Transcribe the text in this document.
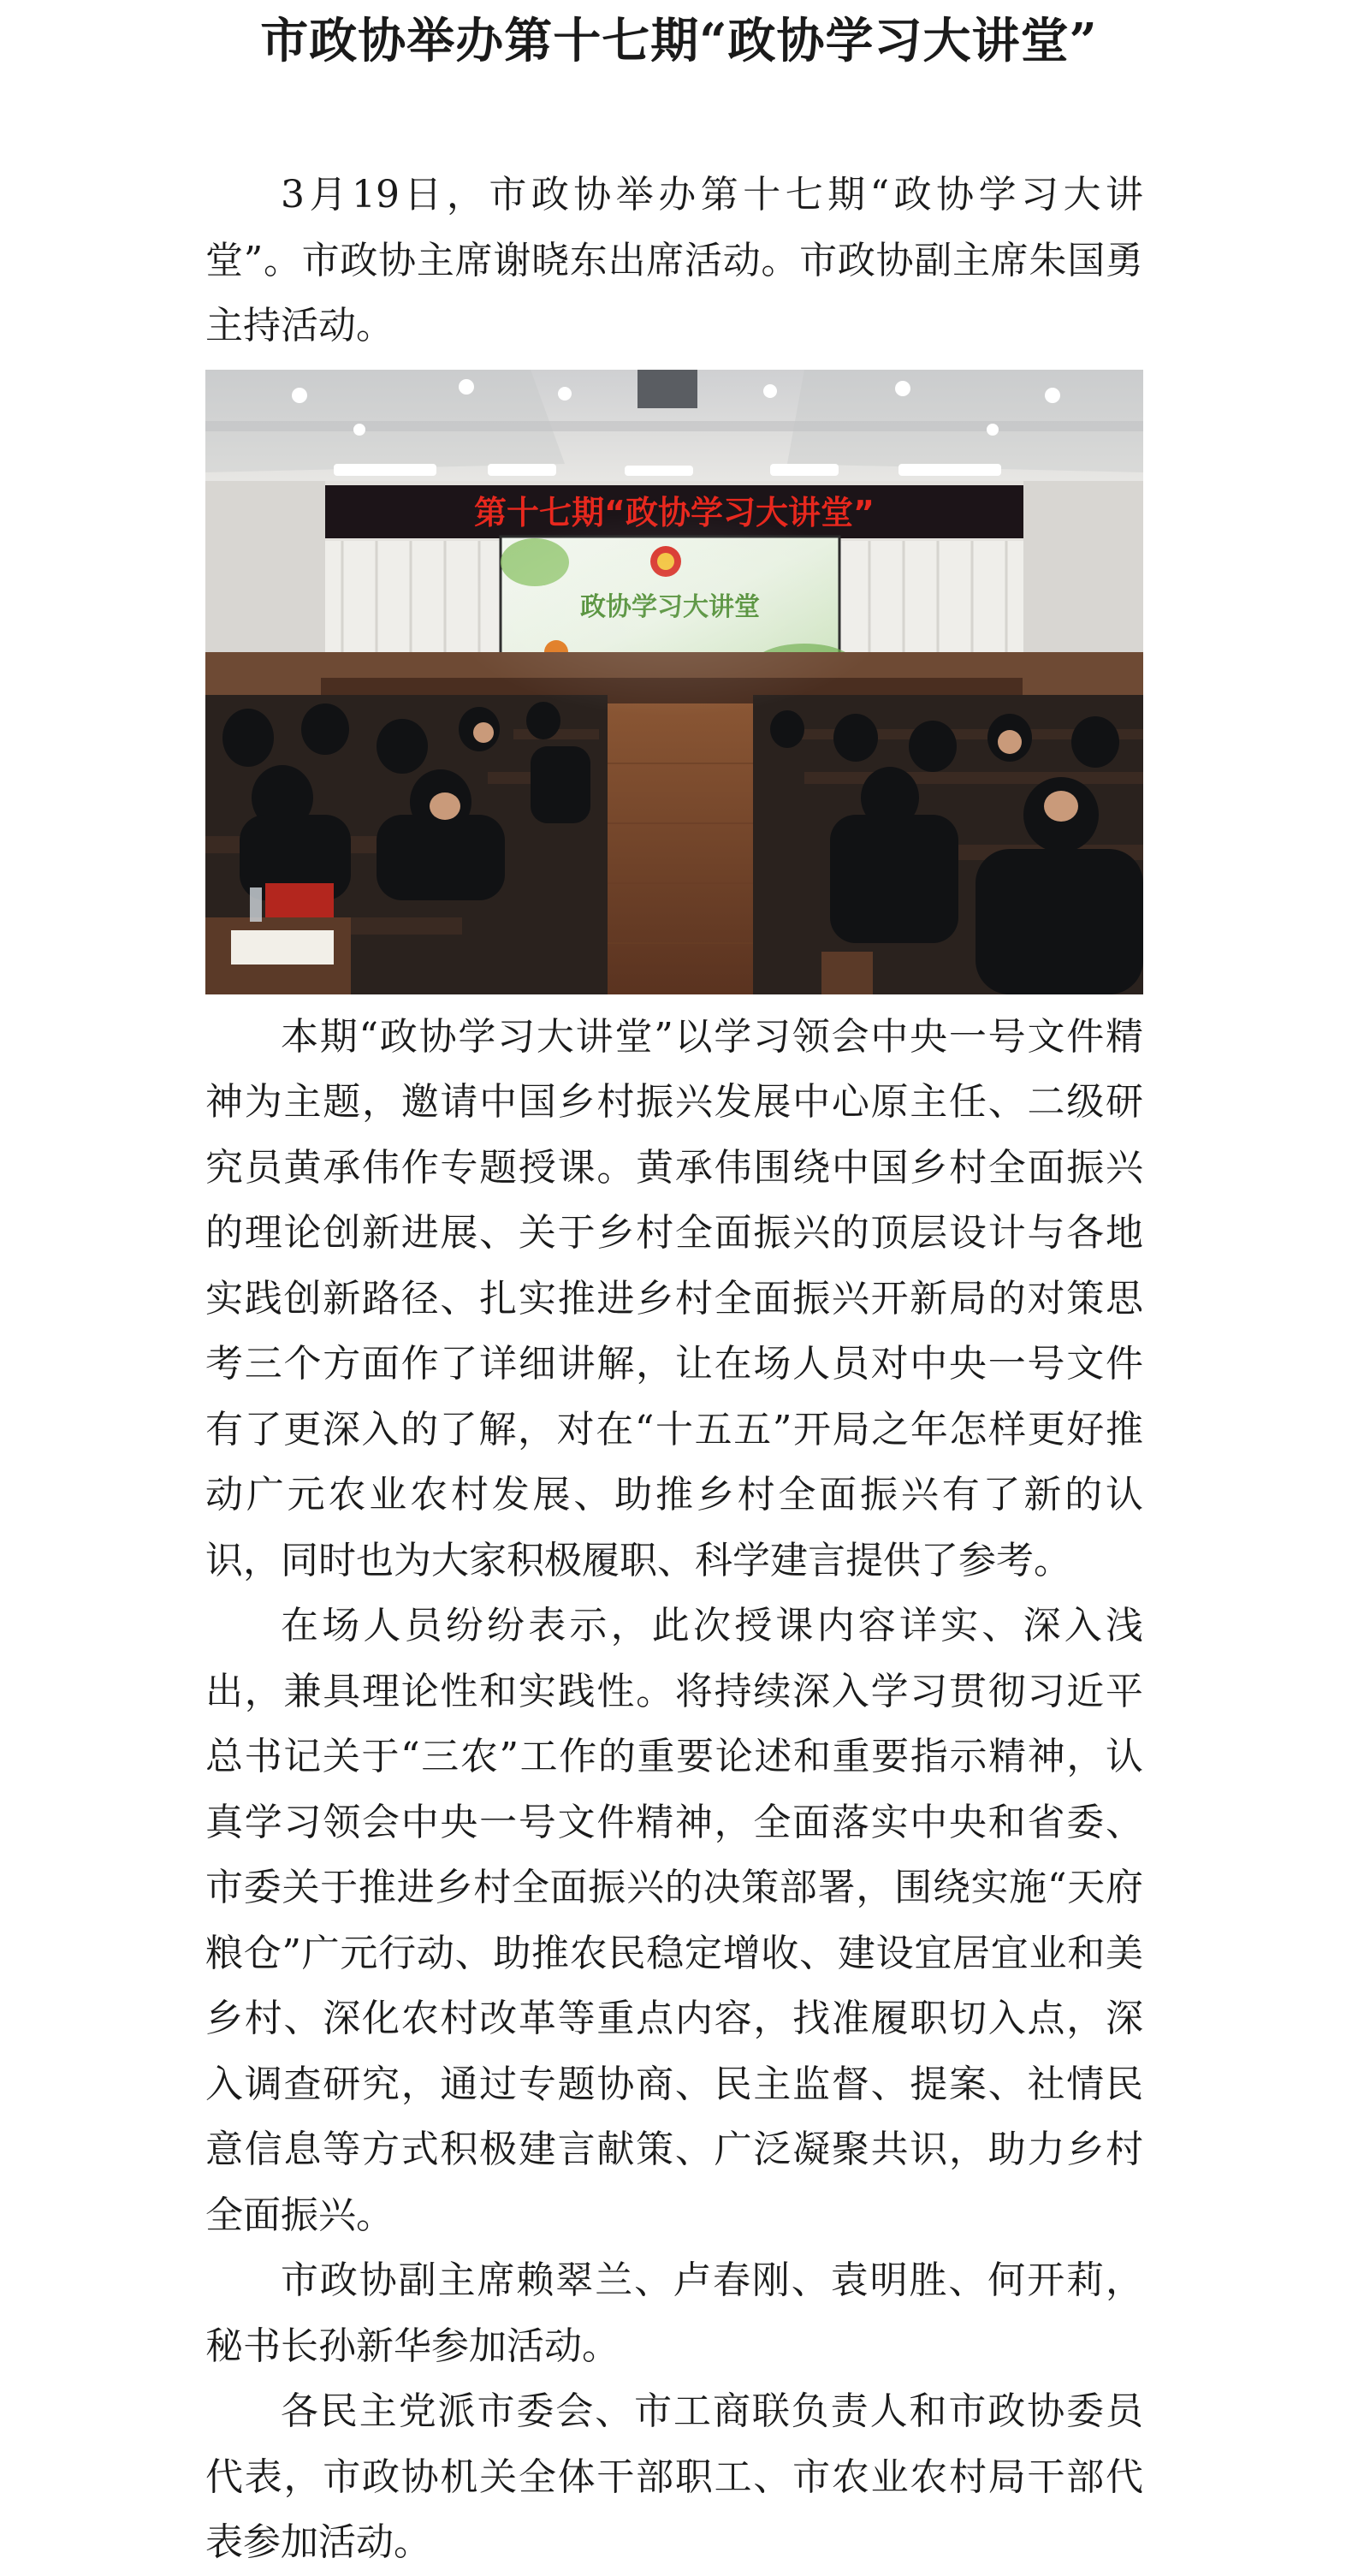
市政协举办第十七期“政协学习大讲堂”

3月19日，市政协举办第十七期“政协学习大讲堂”。市政协主席谢晓东出席活动。市政协副主席朱国勇主持活动。

第十七期“政协学习大讲堂”
政协学习大讲堂

本期“政协学习大讲堂”以学习领会中央一号文件精神为主题，邀请中国乡村振兴发展中心原主任、二级研究员黄承伟作专题授课。黄承伟围绕中国乡村全面振兴的理论创新进展、关于乡村全面振兴的顶层设计与各地实践创新路径、扎实推进乡村全面振兴开新局的对策思考三个方面作了详细讲解，让在场人员对中央一号文件有了更深入的了解，对在“十五五”开局之年怎样更好推动广元农业农村发展、助推乡村全面振兴有了新的认识，同时也为大家积极履职、科学建言提供了参考。

在场人员纷纷表示，此次授课内容详实、深入浅出，兼具理论性和实践性。将持续深入学习贯彻习近平总书记关于“三农”工作的重要论述和重要指示精神，认真学习领会中央一号文件精神，全面落实中央和省委、市委关于推进乡村全面振兴的决策部署，围绕实施“天府粮仓”广元行动、助推农民稳定增收、建设宜居宜业和美乡村、深化农村改革等重点内容，找准履职切入点，深入调查研究，通过专题协商、民主监督、提案、社情民意信息等方式积极建言献策、广泛凝聚共识，助力乡村全面振兴。

市政协副主席赖翠兰、卢春刚、袁明胜、何开莉，秘书长孙新华参加活动。

各民主党派市委会、市工商联负责人和市政协委员代表，市政协机关全体干部职工、市农业农村局干部代表参加活动。
